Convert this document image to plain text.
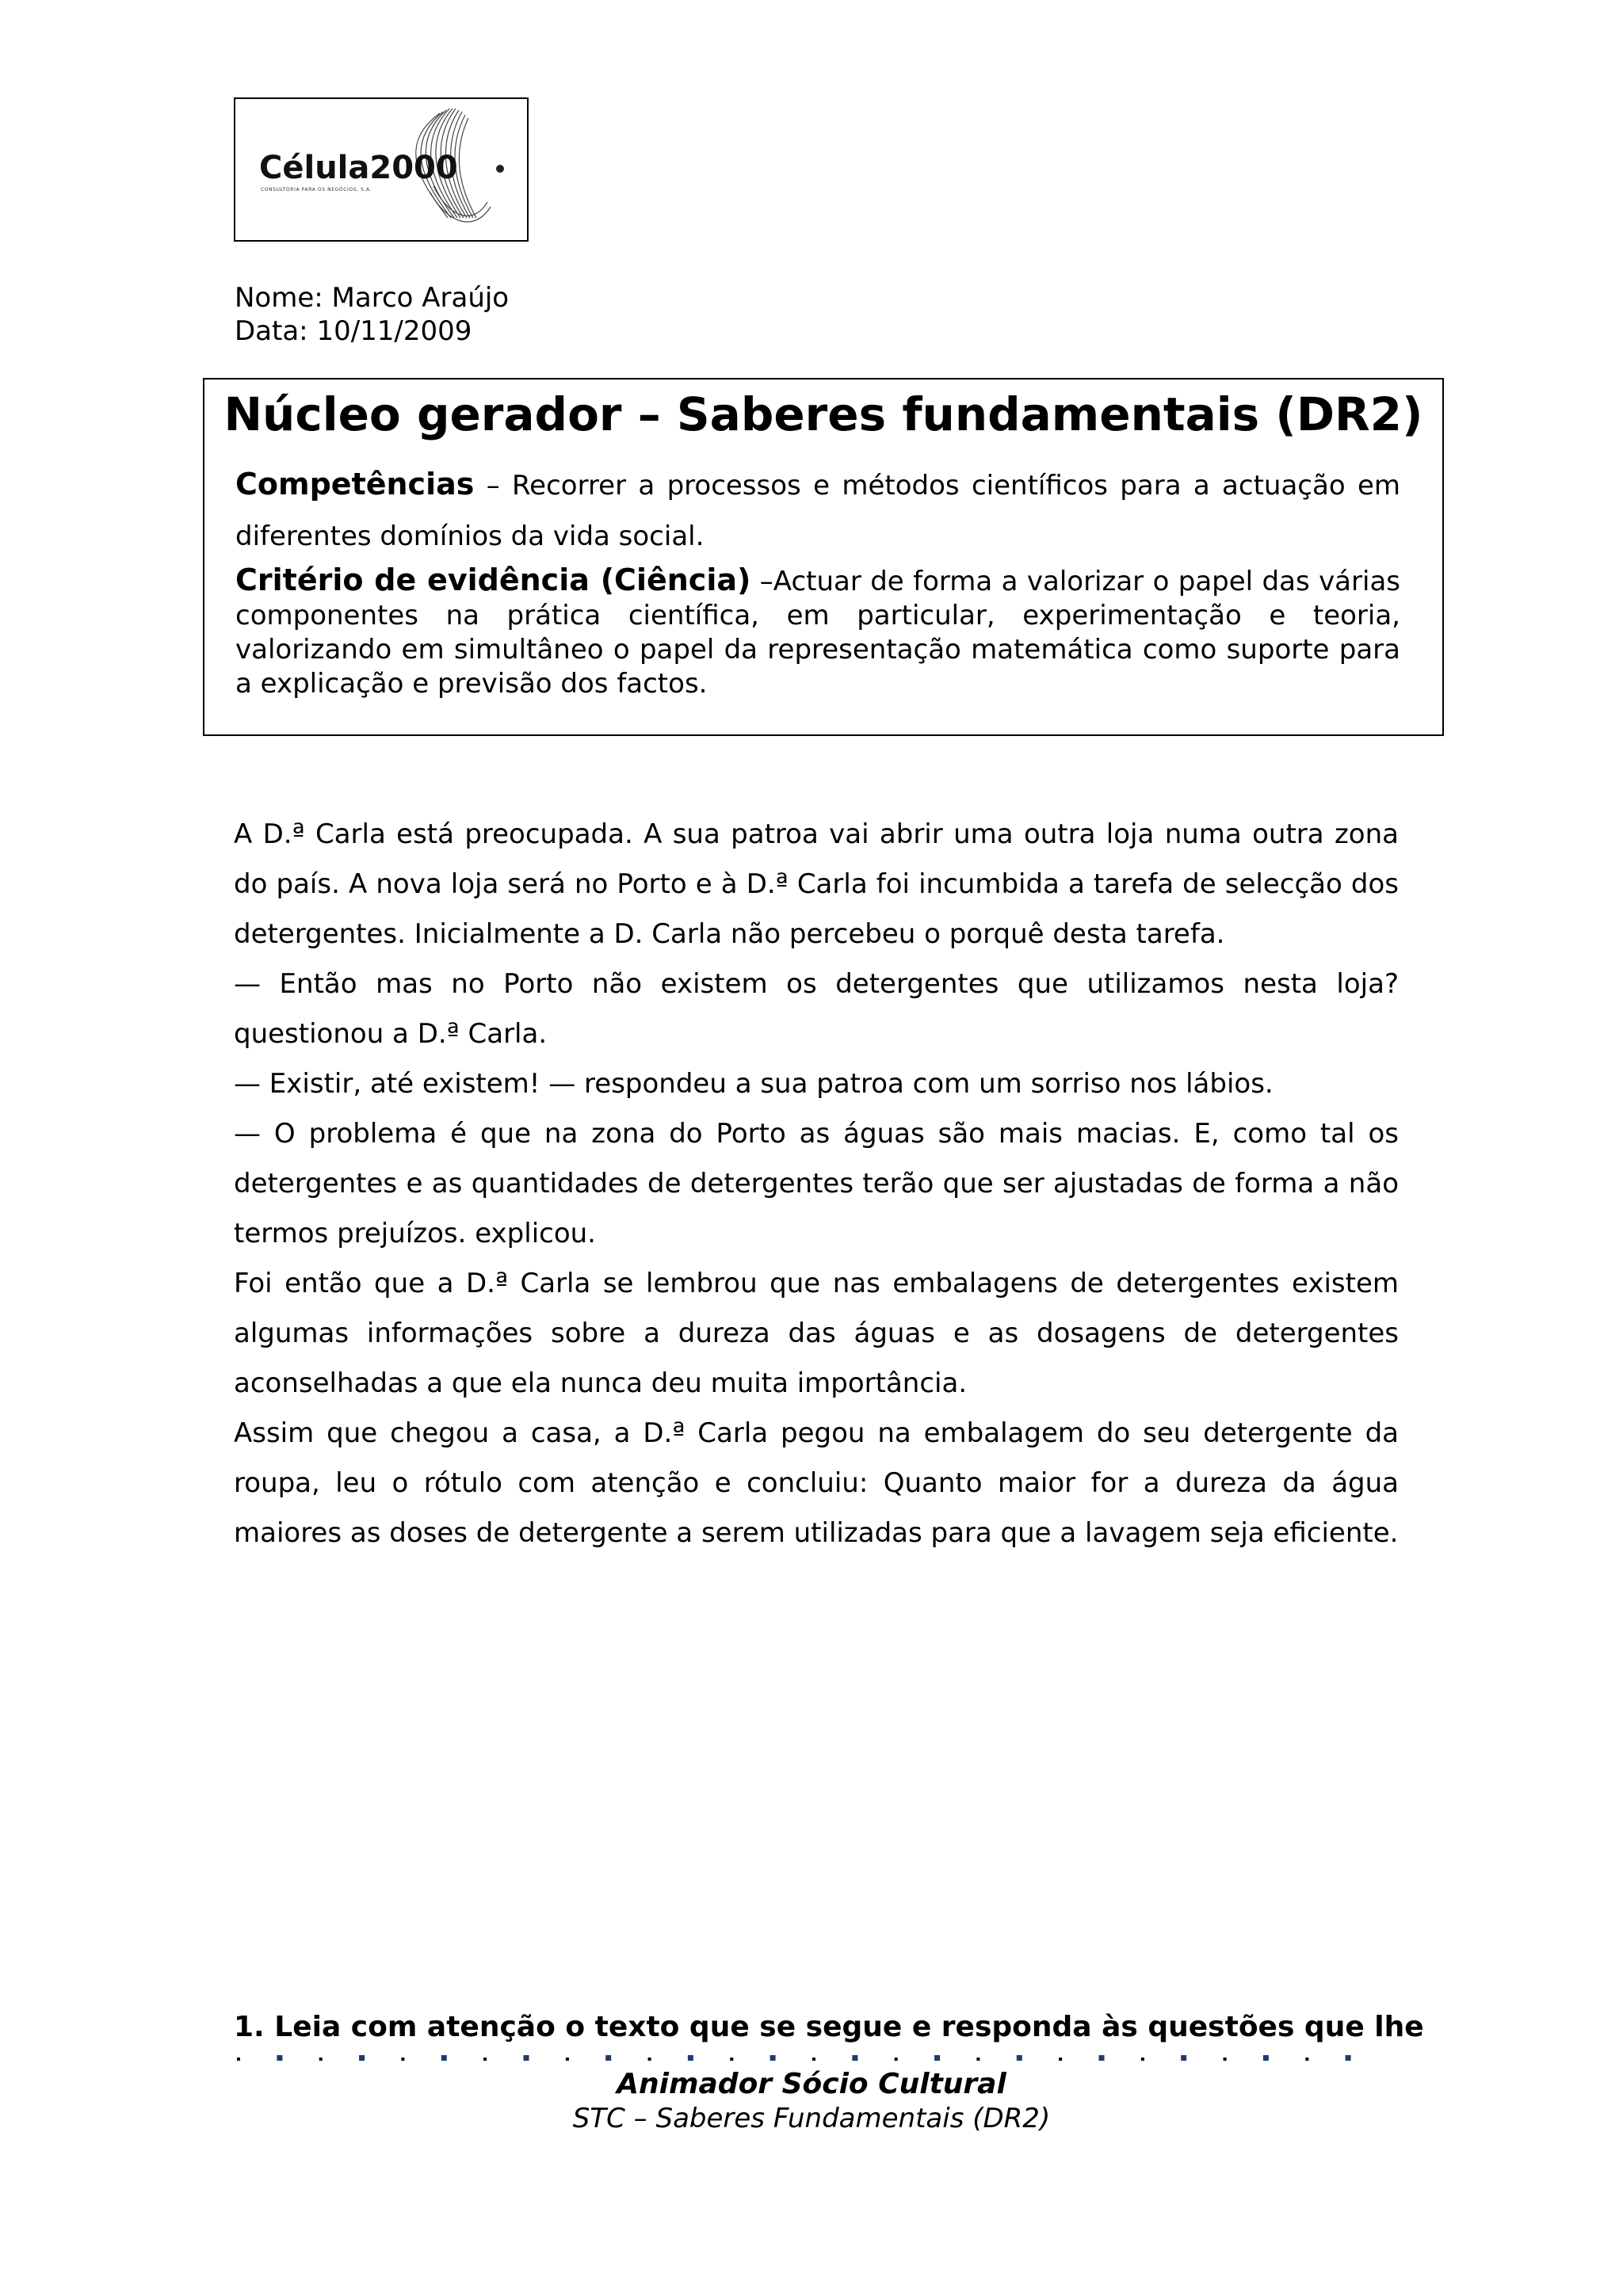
Célula2000
CONSULTORIA PARA OS NEGÓCIOS, S.A.
Nome: Marco Araújo
Data: 10/11/2009
Núcleo gerador – Saberes fundamentais (DR2)
Competências – Recorrer a processos e métodos científicos para a actuação em diferentes domínios da vida social.
Critério de evidência (Ciência) –Actuar de forma a valorizar o papel das várias componentes na prática científica, em particular, experimentação e teoria, valorizando em simultâneo o papel da representação matemática como suporte para a explicação e previsão dos factos.

A D.ª Carla está preocupada. A sua patroa vai abrir uma outra loja numa outra zona do país. A nova loja será no Porto e à D.ª Carla foi incumbida a tarefa de selecção dos detergentes. Inicialmente a D. Carla não percebeu o porquê desta tarefa.

— Então mas no Porto não existem os detergentes que utilizamos nesta loja? questionou a D.ª Carla.

— Existir, até existem! — respondeu a sua patroa com um sorriso nos lábios.

— O problema é que na zona do Porto as águas são mais macias. E, como tal os detergentes e as quantidades de detergentes terão que ser ajustadas de forma a não termos prejuízos. explicou.

Foi então que a D.ª Carla se lembrou que nas embalagens de detergentes existem algumas informações sobre a dureza das águas e as dosagens de detergentes aconselhadas a que ela nunca deu muita importância.

Assim que chegou a casa, a D.ª Carla pegou na embalagem do seu detergente da roupa, leu o rótulo com atenção e concluiu: Quanto maior for a dureza da água maiores as doses de detergente a serem utilizadas para que a lavagem seja eficiente.

1. Leia com atenção o texto que se segue e responda às questões que lhe
Animador Sócio Cultural
STC – Saberes Fundamentais (DR2)
